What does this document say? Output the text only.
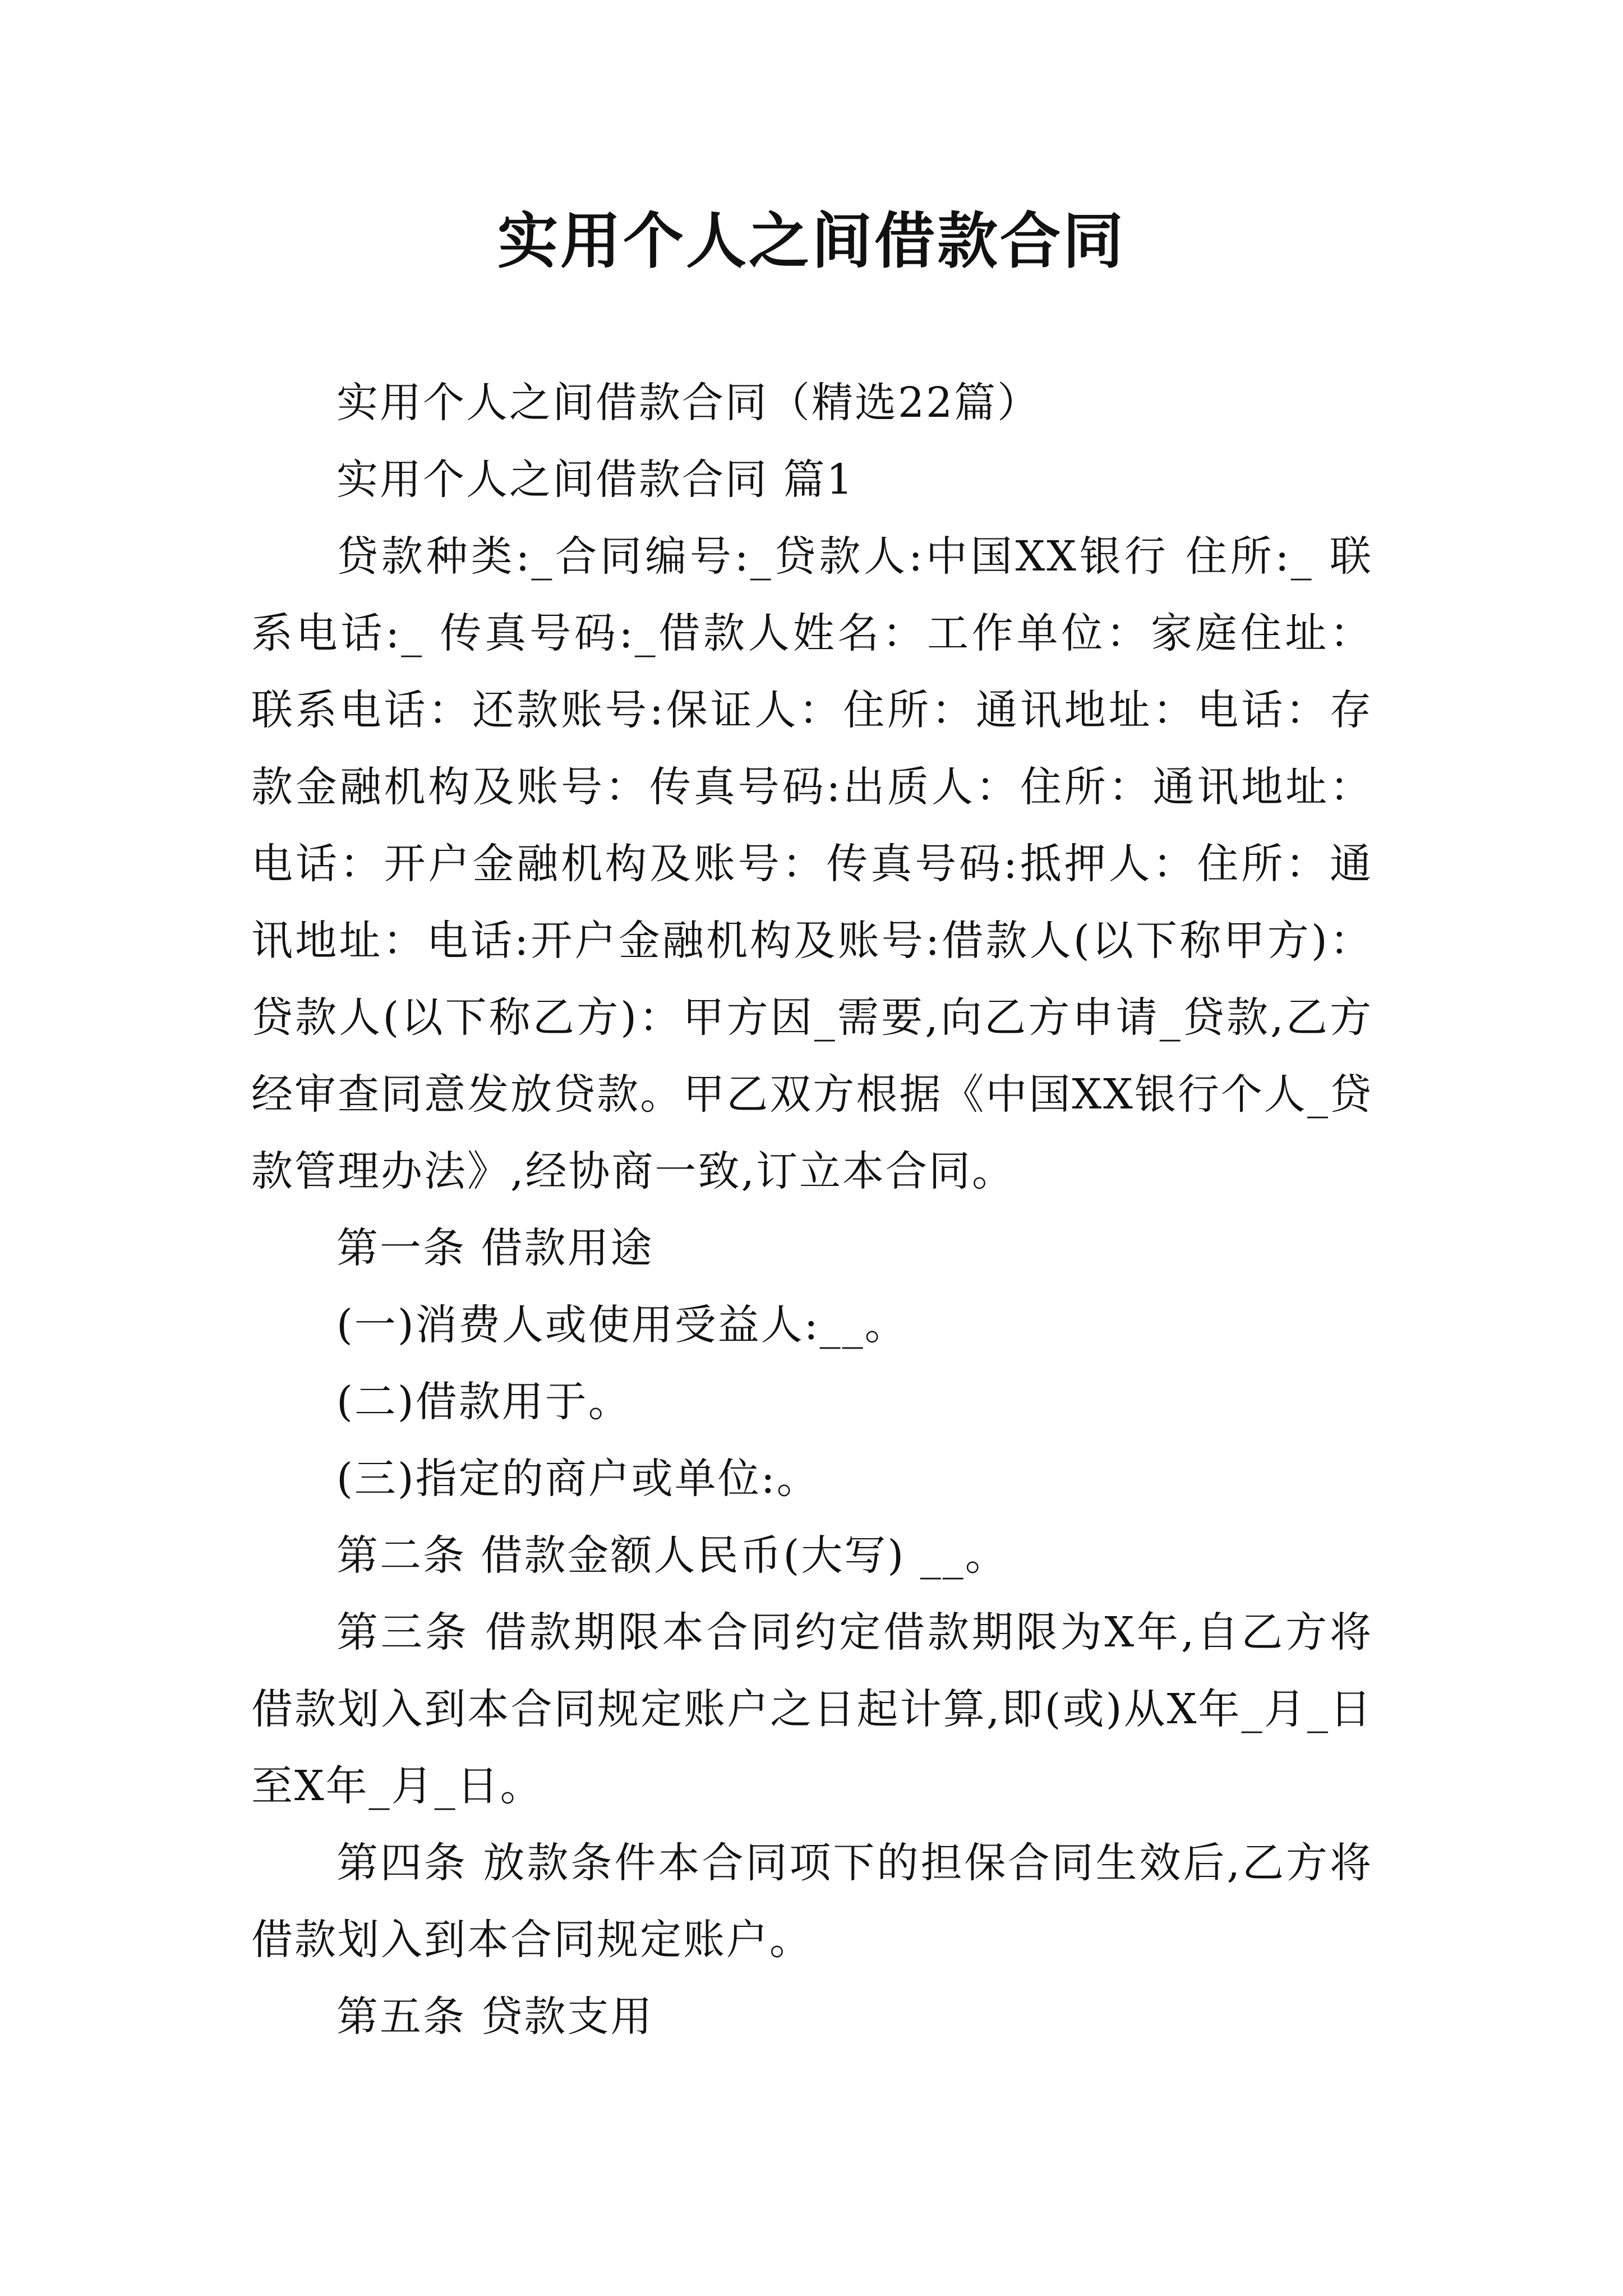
实用个人之间借款合同

实用个人之间借款合同（精选22篇）

实用个人之间借款合同 篇1

贷款种类:_合同编号:_贷款人:中国XX银行 住所:_ 联系电话:_ 传真号码:_借款人姓名：工作单位：家庭住址：联系电话：还款账号:保证人：住所：通讯地址：电话：存款金融机构及账号：传真号码:出质人：住所：通讯地址：电话：开户金融机构及账号：传真号码:抵押人：住所：通讯地址：电话:开户金融机构及账号:借款人(以下称甲方)：贷款人(以下称乙方)：甲方因_需要,向乙方申请_贷款,乙方经审查同意发放贷款。甲乙双方根据《中国XX银行个人_贷款管理办法》,经协商一致,订立本合同。

第一条 借款用途

(一)消费人或使用受益人:__。

(二)借款用于。

(三)指定的商户或单位:。

第二条 借款金额人民币(大写) __。

第三条 借款期限本合同约定借款期限为X年,自乙方将借款划入到本合同规定账户之日起计算,即(或)从X年_月_日至X年_月_日。

第四条 放款条件本合同项下的担保合同生效后,乙方将借款划入到本合同规定账户。

第五条 贷款支用
